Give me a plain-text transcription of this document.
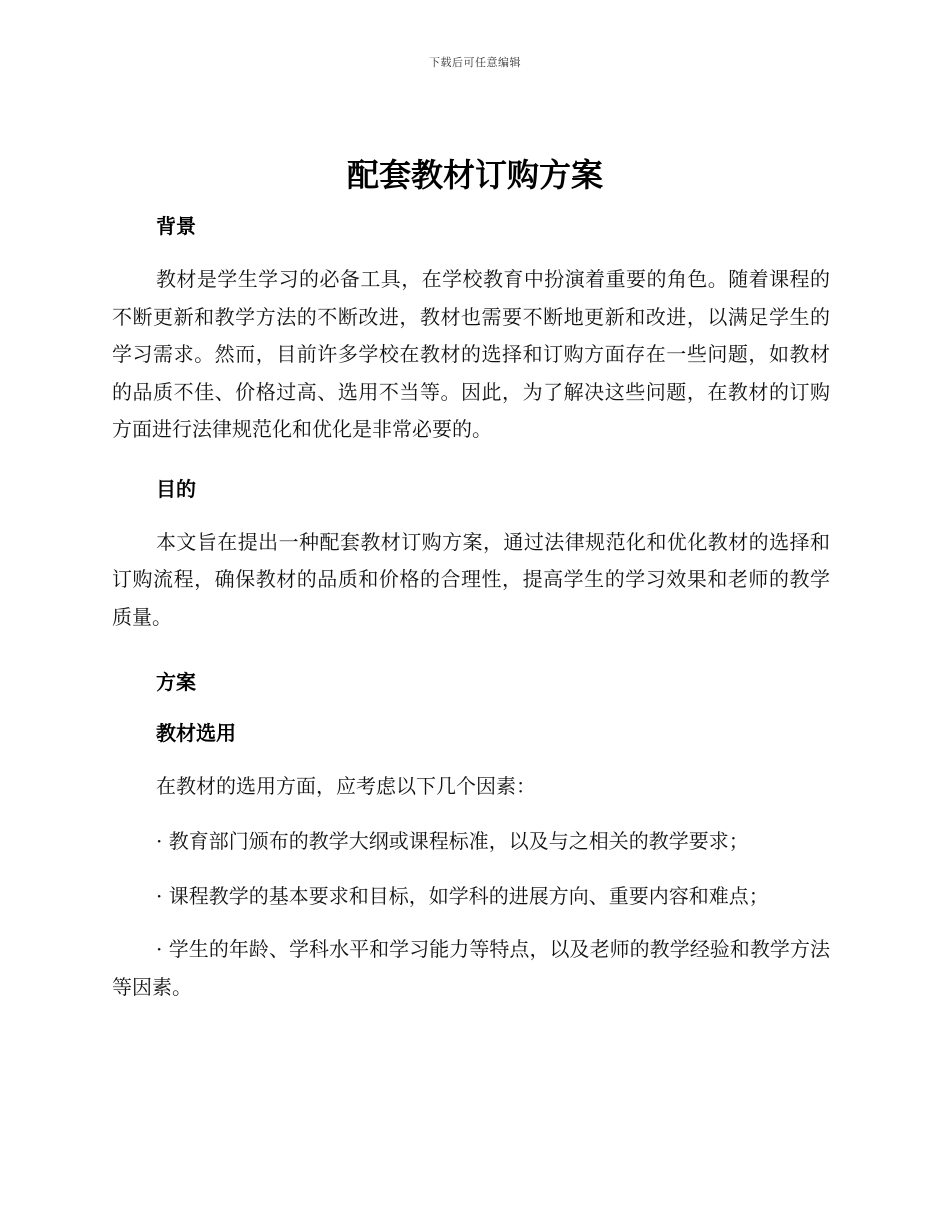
下载后可任意编辑
配套教材订购方案
背景

教材是学生学习的必备工具，在学校教育中扮演着重要的角色。随着课程的不断更新和教学方法的不断改进，教材也需要不断地更新和改进，以满足学生的学习需求。然而，目前许多学校在教材的选择和订购方面存在一些问题，如教材的品质不佳、价格过高、选用不当等。因此，为了解决这些问题，在教材的订购方面进行法律规范化和优化是非常必要的。

目的

本文旨在提出一种配套教材订购方案，通过法律规范化和优化教材的选择和订购流程，确保教材的品质和价格的合理性，提高学生的学习效果和老师的教学质量。

方案
教材选用

在教材的选用方面，应考虑以下几个因素：

· 教育部门颁布的教学大纲或课程标准，以及与之相关的教学要求；

· 课程教学的基本要求和目标，如学科的进展方向、重要内容和难点；

· 学生的年龄、学科水平和学习能力等特点，以及老师的教学经验和教学方法等因素。
